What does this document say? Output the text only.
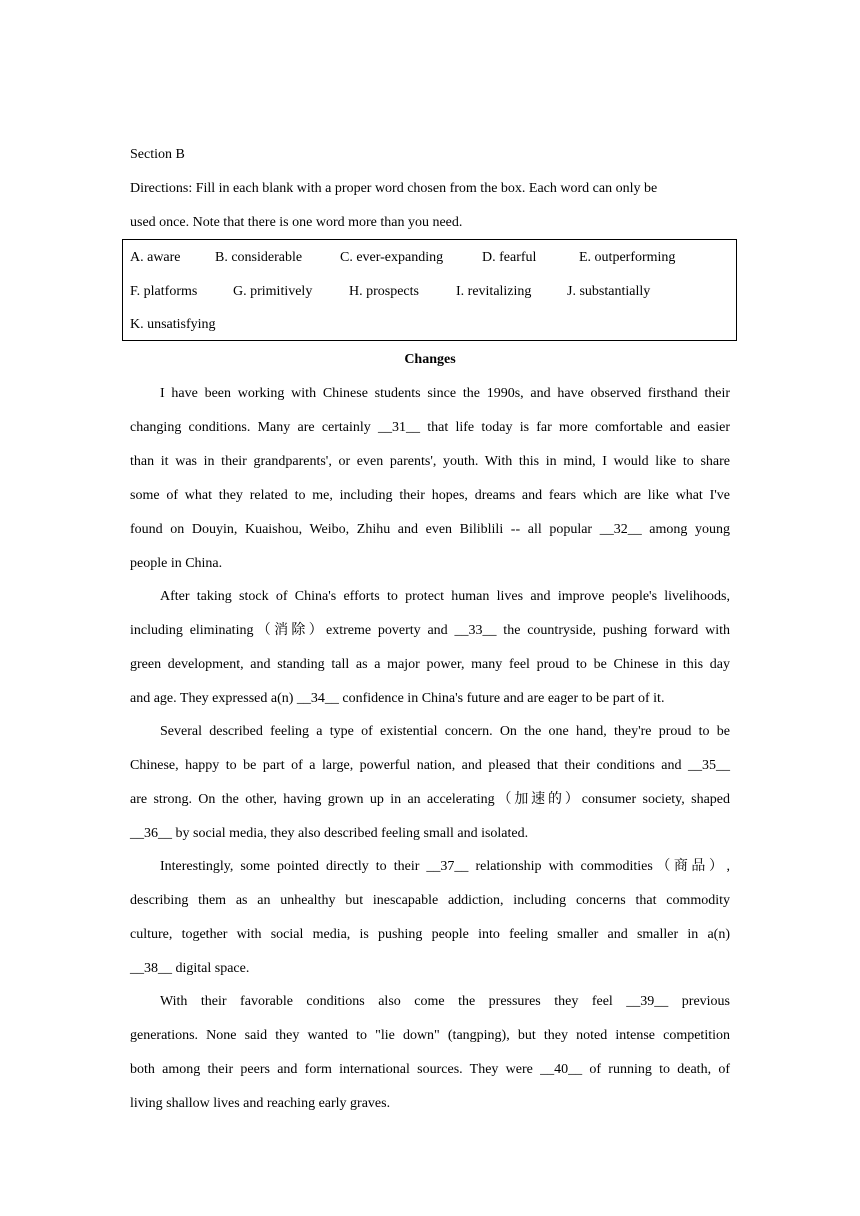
Section B
Directions: Fill in each blank with a proper word chosen from the box. Each word can only be
used once. Note that there is one word more than you need.
A. aware B. considerable	C. ever-expanding	D. fearful	E. outperforming
F. platforms	G. primitively	H. prospects	I. revitalizing	J. substantially
K. unsatisfying
Changes
I have been working with Chinese students since the 1990s, and have observed firsthand their
changing conditions. Many are certainly __31__ that life today is far more comfortable and easier
than it was in their grandparents', or even parents', youth. With this in mind, I would like to share
some of what they related to me, including their hopes, dreams and fears which are like what I've
found on Douyin, Kuaishou, Weibo, Zhihu and even Biliblili -- all popular __32__ among young
people in China.
After taking stock of China's efforts to protect human lives and improve people's livelihoods,
including eliminating（消除）extreme poverty and __33__ the countryside, pushing forward with
green development, and standing tall as a major power, many feel proud to be Chinese in this day
and age. They expressed a(n) __34__ confidence in China's future and are eager to be part of it.
Several described feeling a type of existential concern. On the one hand, they're proud to be
Chinese, happy to be part of a large, powerful nation, and pleased that their conditions and __35__
are strong. On the other, having grown up in an accelerating（加速的）consumer society, shaped
__36__ by social media, they also described feeling small and isolated.
Interestingly, some pointed directly to their __37__ relationship with commodities（商品）,
describing them as an unhealthy but inescapable addiction, including concerns that commodity
culture, together with social media, is pushing people into feeling smaller and smaller in a(n)
__38__ digital space.
With their favorable conditions also come the pressures they feel __39__ previous
generations. None said they wanted to "lie down" (tangping), but they noted intense competition
both among their peers and form international sources. They were __40__ of running to death, of
living shallow lives and reaching early graves.
